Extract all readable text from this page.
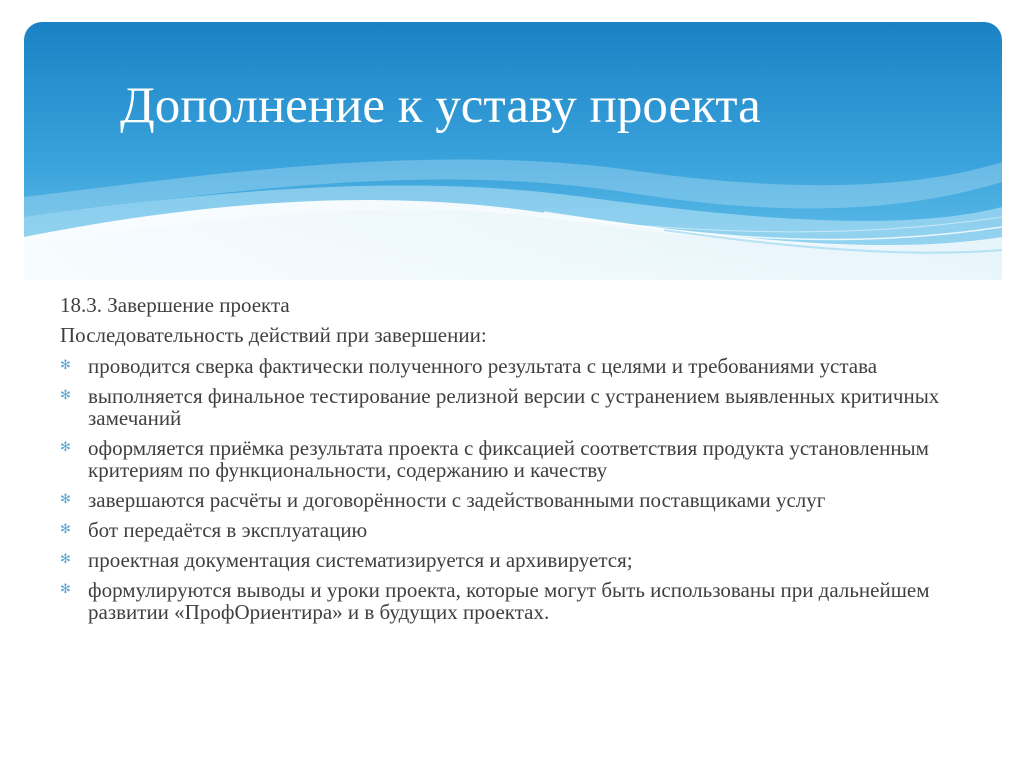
Дополнение к уставу проекта

18.3. Завершение проекта

Последовательность действий при завершении:

✻ проводится сверка фактически полученного результата с целями и требованиями устава
✻ выполняется финальное тестирование релизной версии с устранением выявленных критичных замечаний
✻ оформляется приёмка результата проекта с фиксацией соответствия продукта установленным критериям по функциональности, содержанию и качеству
✻ завершаются расчёты и договорённости с задействованными поставщиками услуг
✻ бот передаётся в эксплуатацию
✻ проектная документация систематизируется и архивируется;
✻ формулируются выводы и уроки проекта, которые могут быть использованы при дальнейшем развитии «ПрофОриентира» и в будущих проектах.
